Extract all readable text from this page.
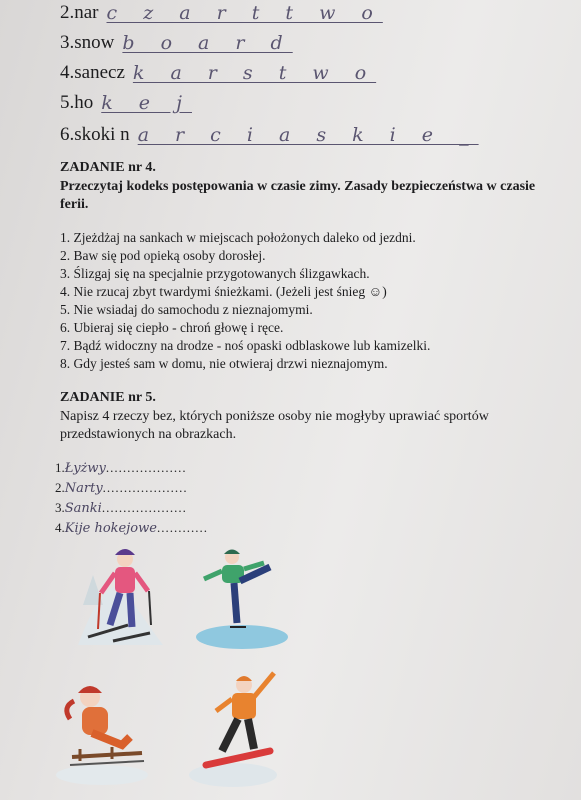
2.nar c z a r t t w o
3.snow b o a r d
4.sanecz k a r s t w o
5.ho k e j
6.skoki n a r c i a s k i e _
ZADANIE nr 4.
Przeczytaj kodeks postępowania w czasie zimy. Zasady bezpieczeństwa w czasie ferii.
1. Zjeżdżaj na sankach w miejscach położonych daleko od jezdni.
2. Baw się pod opieką osoby dorosłej.
3. Ślizgaj się na specjalnie przygotowanych ślizgawkach.
4. Nie rzucaj zbyt twardymi śnieżkami. (Jeżeli jest śnieg ☺)
5. Nie wsiadaj do samochodu z nieznajomymi.
6. Ubieraj się ciepło - chroń głowę i ręce.
7. Bądź widoczny na drodze - noś opaski odblaskowe lub kamizelki.
8. Gdy jesteś sam w domu, nie otwieraj drzwi nieznajomym.
ZADANIE nr 5.
Napisz 4 rzeczy bez, których poniższe osoby nie mogłyby uprawiać sportów przedstawionych na obrazkach.
1. Łyżwy ...................
2. Narty ....................
3. Sanki ....................
4. Kije hokejowe ............
